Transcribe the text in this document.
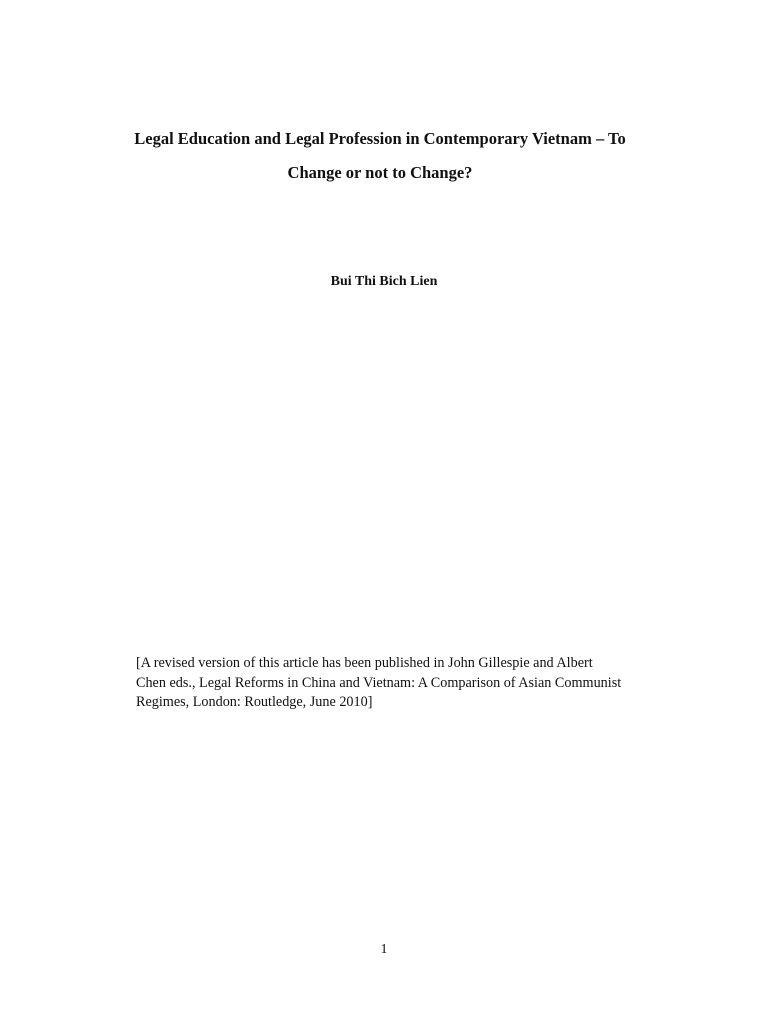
Legal Education and Legal Profession in Contemporary Vietnam – To
Change or not to Change?

Bui Thi Bich Lien

[A revised version of this article has been published in John Gillespie and Albert
Chen eds., Legal Reforms in China and Vietnam: A Comparison of Asian Communist
Regimes, London: Routledge, June 2010]

1
